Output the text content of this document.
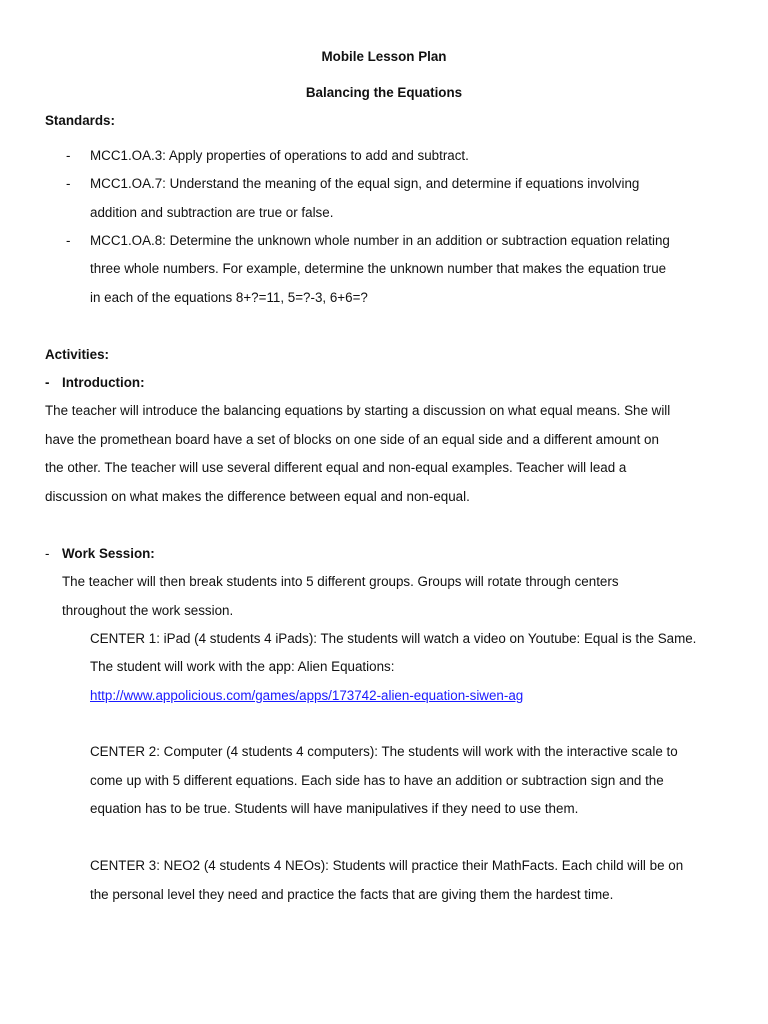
Mobile Lesson Plan
Balancing the Equations
Standards:
- MCC1.OA.3: Apply properties of operations to add and subtract.
- MCC1.OA.7: Understand the meaning of the equal sign, and determine if equations involving
addition and subtraction are true or false.
- MCC1.OA.8: Determine the unknown whole number in an addition or subtraction equation relating
three whole numbers. For example, determine the unknown number that makes the equation true
in each of the equations 8+?=11, 5=?-3, 6+6=?
Activities:
- Introduction:
The teacher will introduce the balancing equations by starting a discussion on what equal means. She will
have the promethean board have a set of blocks on one side of an equal side and a different amount on
the other. The teacher will use several different equal and non-equal examples. Teacher will lead a
discussion on what makes the difference between equal and non-equal.
- Work Session:
The teacher will then break students into 5 different groups. Groups will rotate through centers
throughout the work session.
CENTER 1: iPad (4 students 4 iPads): The students will watch a video on Youtube: Equal is the Same.
The student will work with the app: Alien Equations:
http://www.appolicious.com/games/apps/173742-alien-equation-siwen-ag
CENTER 2: Computer (4 students 4 computers): The students will work with the interactive scale to
come up with 5 different equations. Each side has to have an addition or subtraction sign and the
equation has to be true. Students will have manipulatives if they need to use them.
CENTER 3: NEO2 (4 students 4 NEOs): Students will practice their MathFacts. Each child will be on
the personal level they need and practice the facts that are giving them the hardest time.
